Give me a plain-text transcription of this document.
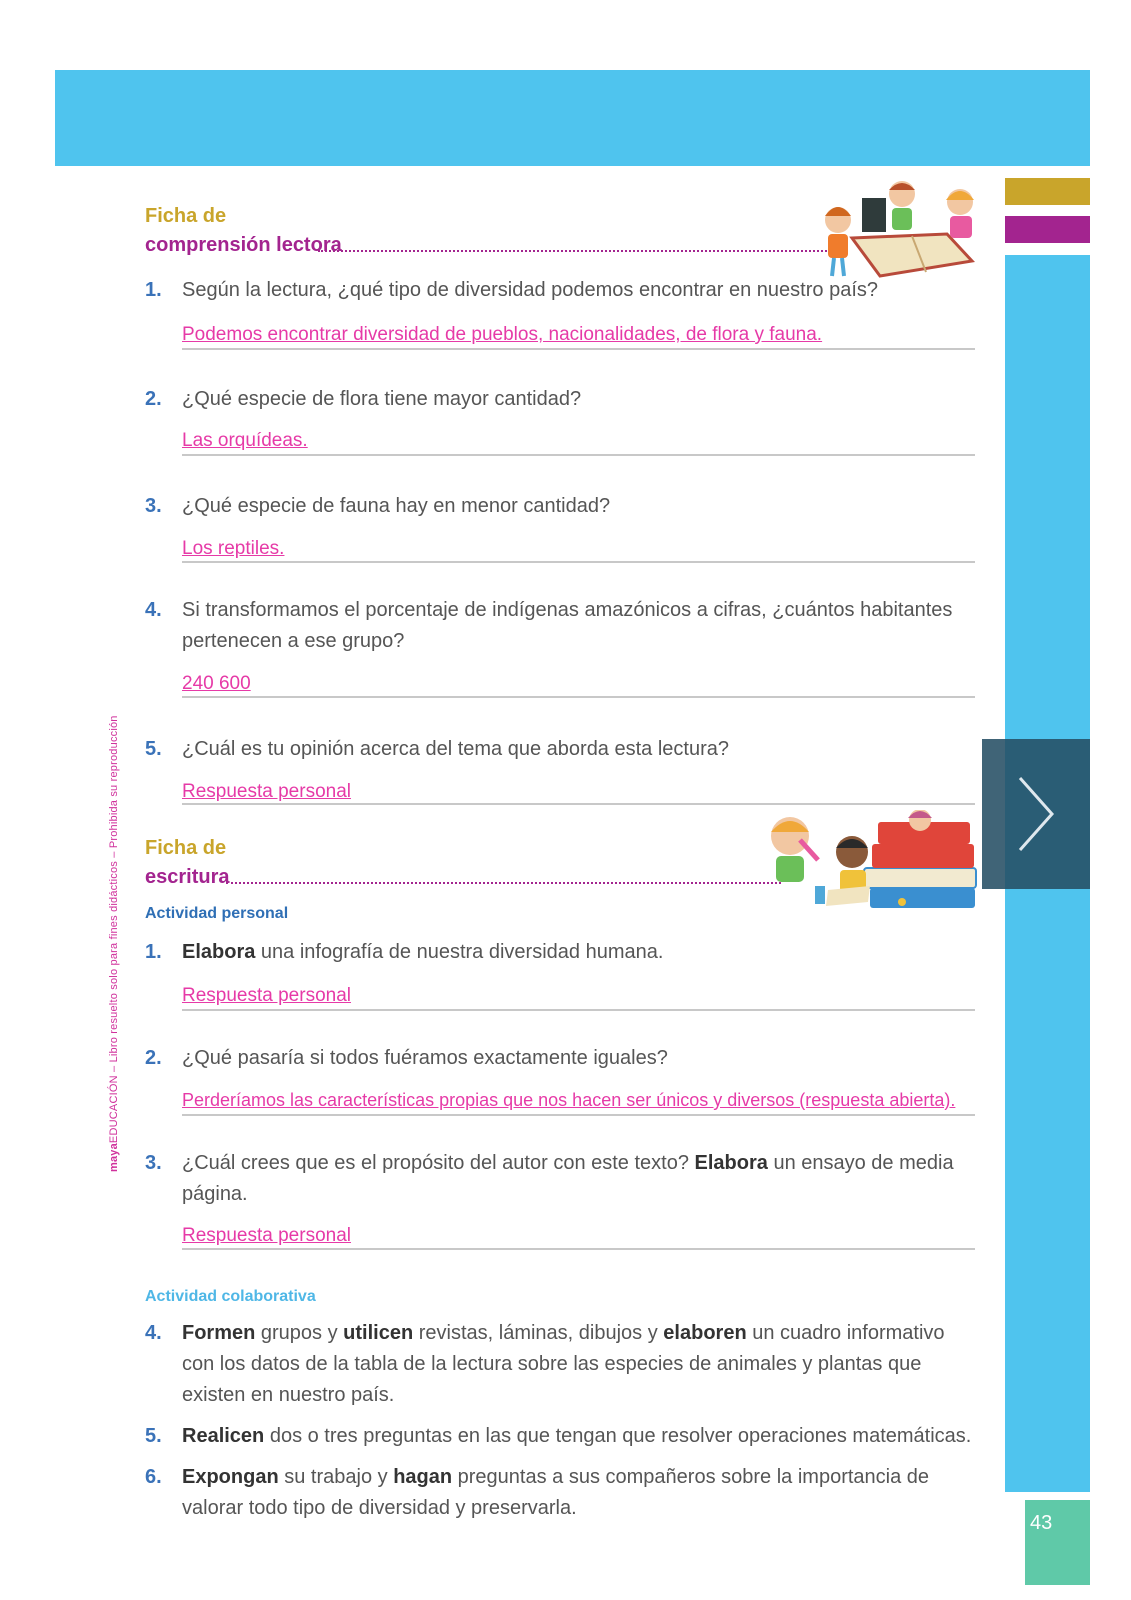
43
mayaEDUCACIÓN – Libro resuelto solo para fines didácticos – Prohibida su reproducción
Ficha de
comprensión lectora
1. Según la lectura, ¿qué tipo de diversidad podemos encontrar en nuestro país?
Podemos encontrar diversidad de pueblos, nacionalidades, de flora y fauna.
2. ¿Qué especie de flora tiene mayor cantidad?
Las orquídeas.
3. ¿Qué especie de fauna hay en menor cantidad?
Los reptiles.
4. Si transformamos el porcentaje de indígenas amazónicos a cifras, ¿cuántos habitantes pertenecen a ese grupo?
240 600
5. ¿Cuál es tu opinión acerca del tema que aborda esta lectura?
Respuesta personal
Ficha de
escritura
Actividad personal
1. Elabora una infografía de nuestra diversidad humana.
Respuesta personal
2. ¿Qué pasaría si todos fuéramos exactamente iguales?
Perderíamos las características propias que nos hacen ser únicos y diversos (respuesta abierta).
3. ¿Cuál crees que es el propósito del autor con este texto? Elabora un ensayo de media página.
Respuesta personal
Actividad colaborativa
4. Formen grupos y utilicen revistas, láminas, dibujos y elaboren un cuadro informativo con los datos de la tabla de la lectura sobre las especies de animales y plantas que existen en nuestro país.
5. Realicen dos o tres preguntas en las que tengan que resolver operaciones matemáticas.
6. Expongan su trabajo y hagan preguntas a sus compañeros sobre la importancia de valorar todo tipo de diversidad y preservarla.
